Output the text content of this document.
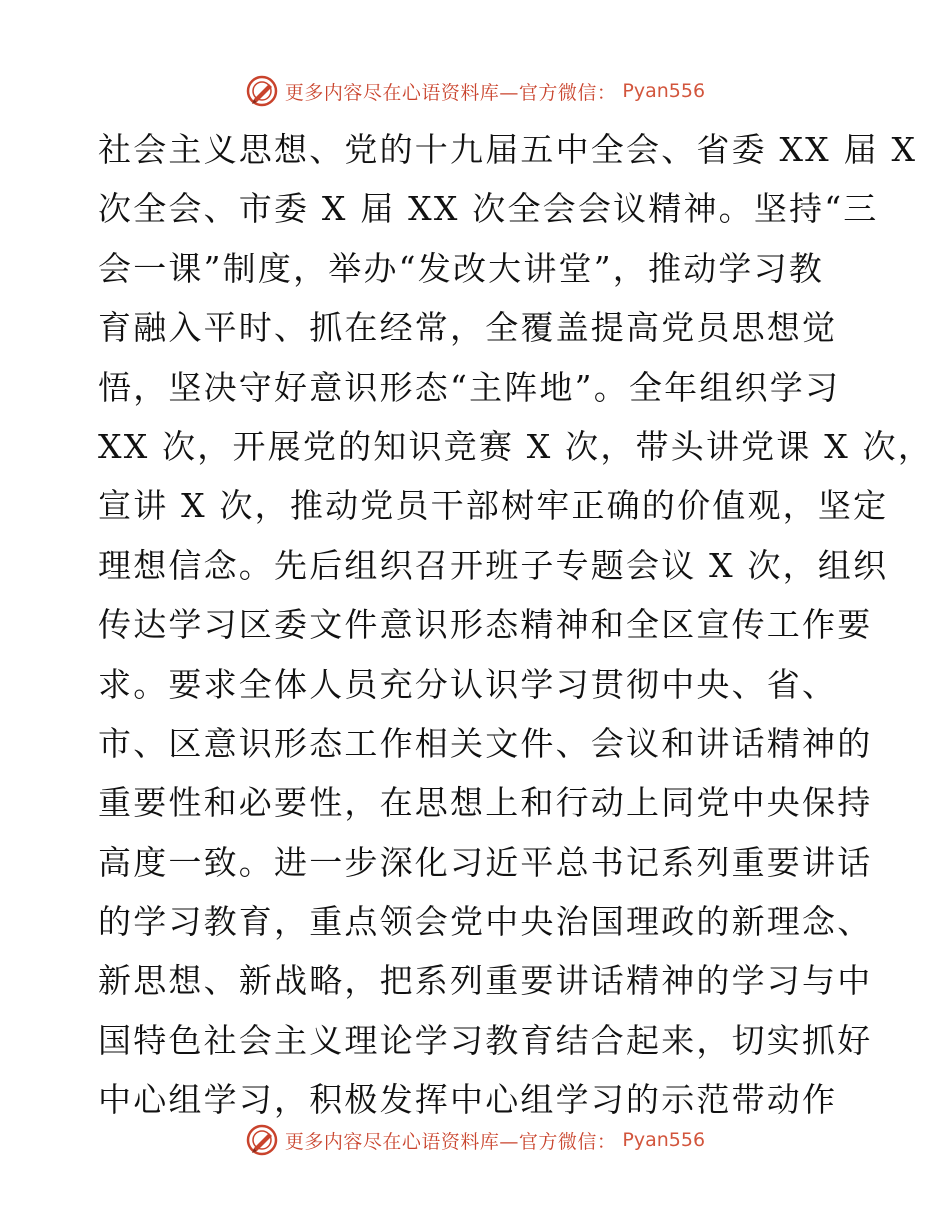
更多内容尽在心语资料库—官方微信： Pyan556
社会主义思想、党的十九届五中全会、省委 XX 届 X
次全会、市委 X 届 XX 次全会会议精神。坚持“三
会一课”制度，举办“发改大讲堂”，推动学习教
育融入平时、抓在经常，全覆盖提高党员思想觉
悟，坚决守好意识形态“主阵地”。全年组织学习
XX 次，开展党的知识竞赛 X 次，带头讲党课 X 次，
宣讲 X 次，推动党员干部树牢正确的价值观，坚定
理想信念。先后组织召开班子专题会议 X 次，组织
传达学习区委文件意识形态精神和全区宣传工作要
求。要求全体人员充分认识学习贯彻中央、省、
市、区意识形态工作相关文件、会议和讲话精神的
重要性和必要性，在思想上和行动上同党中央保持
高度一致。进一步深化习近平总书记系列重要讲话
的学习教育，重点领会党中央治国理政的新理念、
新思想、新战略，把系列重要讲话精神的学习与中
国特色社会主义理论学习教育结合起来，切实抓好
中心组学习，积极发挥中心组学习的示范带动作
更多内容尽在心语资料库—官方微信： Pyan556
